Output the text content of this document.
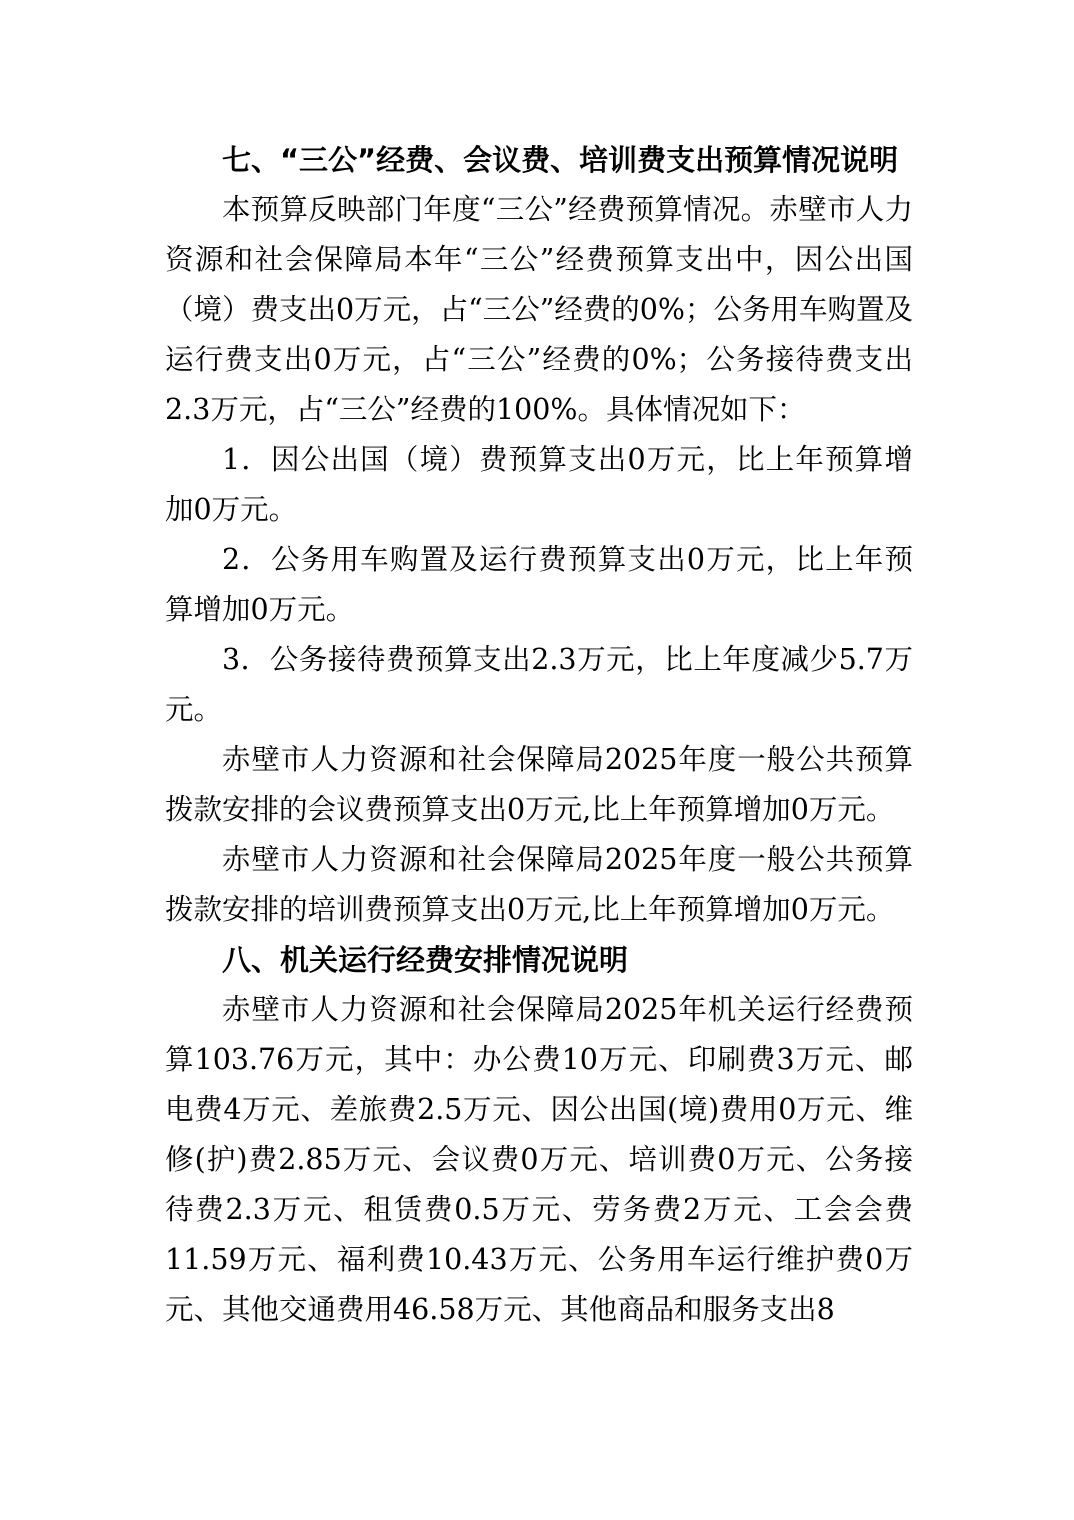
七、“三公”经费、会议费、培训费支出预算情况说明

本预算反映部门年度“三公”经费预算情况。赤壁市人力资源和社会保障局本年“三公”经费预算支出中，因公出国（境）费支出0万元，占“三公”经费的0%；公务用车购置及运行费支出0万元，占“三公”经费的0%；公务接待费支出2.3万元，占“三公”经费的100%。具体情况如下：

1．因公出国（境）费预算支出0万元，比上年预算增加0万元。

2．公务用车购置及运行费预算支出0万元，比上年预算增加0万元。

3．公务接待费预算支出2.3万元，比上年度减少5.7万元。

赤壁市人力资源和社会保障局2025年度一般公共预算拨款安排的会议费预算支出0万元,比上年预算增加0万元。

赤壁市人力资源和社会保障局2025年度一般公共预算拨款安排的培训费预算支出0万元,比上年预算增加0万元。

八、机关运行经费安排情况说明

赤壁市人力资源和社会保障局2025年机关运行经费预算103.76万元，其中：办公费10万元、印刷费3万元、邮电费4万元、差旅费2.5万元、因公出国(境)费用0万元、维修(护)费2.85万元、会议费0万元、培训费0万元、公务接待费2.3万元、租赁费0.5万元、劳务费2万元、工会会费11.59万元、福利费10.43万元、公务用车运行维护费0万元、其他交通费用46.58万元、其他商品和服务支出8
